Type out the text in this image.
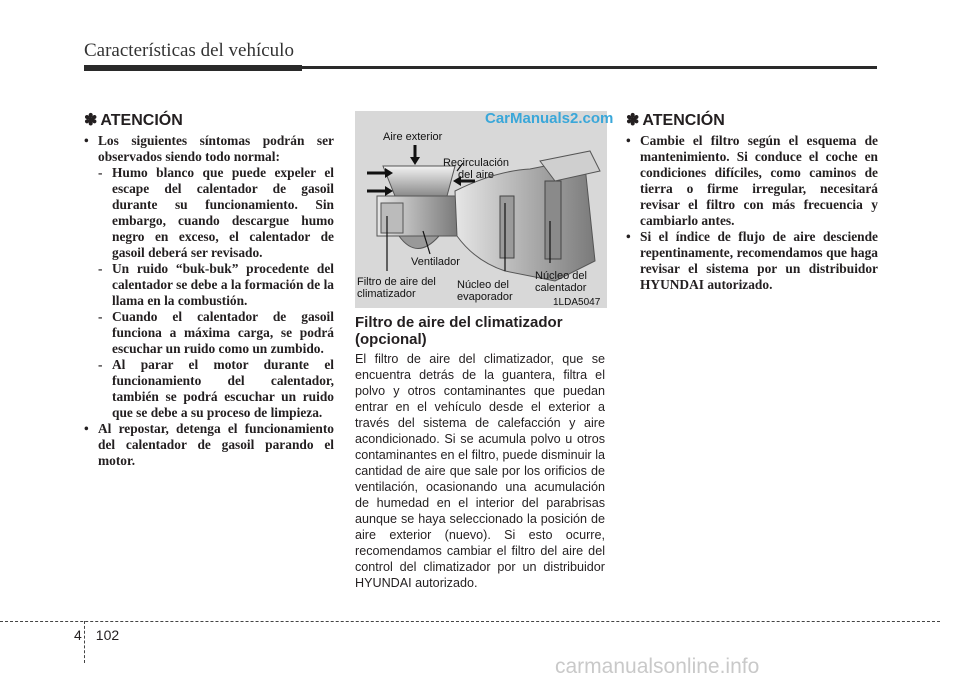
Características del vehículo
✽ ATENCIÓN
• Los siguientes síntomas podrán ser observados siendo todo normal:
- Humo blanco que puede expeler el escape del calentador de gasoil durante su funcionamiento. Sin embargo, cuando descargue humo negro en exceso, el calentador de gasoil deberá ser revisado.
- Un ruido “buk-buk” procedente del calentador se debe a la formación de la llama en la combustión.
- Cuando el calentador de gasoil funciona a máxima carga, se podrá escuchar un ruido como un zumbido.
- Al parar el motor durante el funcionamiento del calentador, también se podrá escuchar un ruido que se debe a su proceso de limpieza.
• Al repostar, detenga el funcionamiento del calentador de gasoil parando el motor.
Aire exterior
Recirculación del aire
Ventilador
Filtro de aire del climatizador
Núcleo del evaporador
Núcleo del calentador
1LDA5047
CarManuals2.com
Filtro de aire del climatizador (opcional)
El filtro de aire del climatizador, que se encuentra detrás de la guantera, filtra el polvo y otros contaminantes que puedan entrar en el vehículo desde el exterior a través del sistema de calefacción y aire acondicionado. Si se acumula polvo u otros contaminantes en el filtro, puede disminuir la cantidad de aire que sale por los orificios de ventilación, ocasionando una acumulación de humedad en el interior del parabrisas aunque se haya seleccionado la posición de aire exterior (nuevo). Si esto ocurre, recomendamos cambiar el filtro del aire del control del climatizador por un distribuidor HYUNDAI autorizado.
✽ ATENCIÓN
• Cambie el filtro según el esquema de mantenimiento. Si conduce el coche en condiciones difíciles, como caminos de tierra o firme irregular, necesitará revisar el filtro con más frecuencia y cambiarlo antes.
• Si el índice de flujo de aire desciende repentinamente, recomendamos que haga revisar el sistema por un distribuidor HYUNDAI autorizado.
4 102
carmanualsonline.info
